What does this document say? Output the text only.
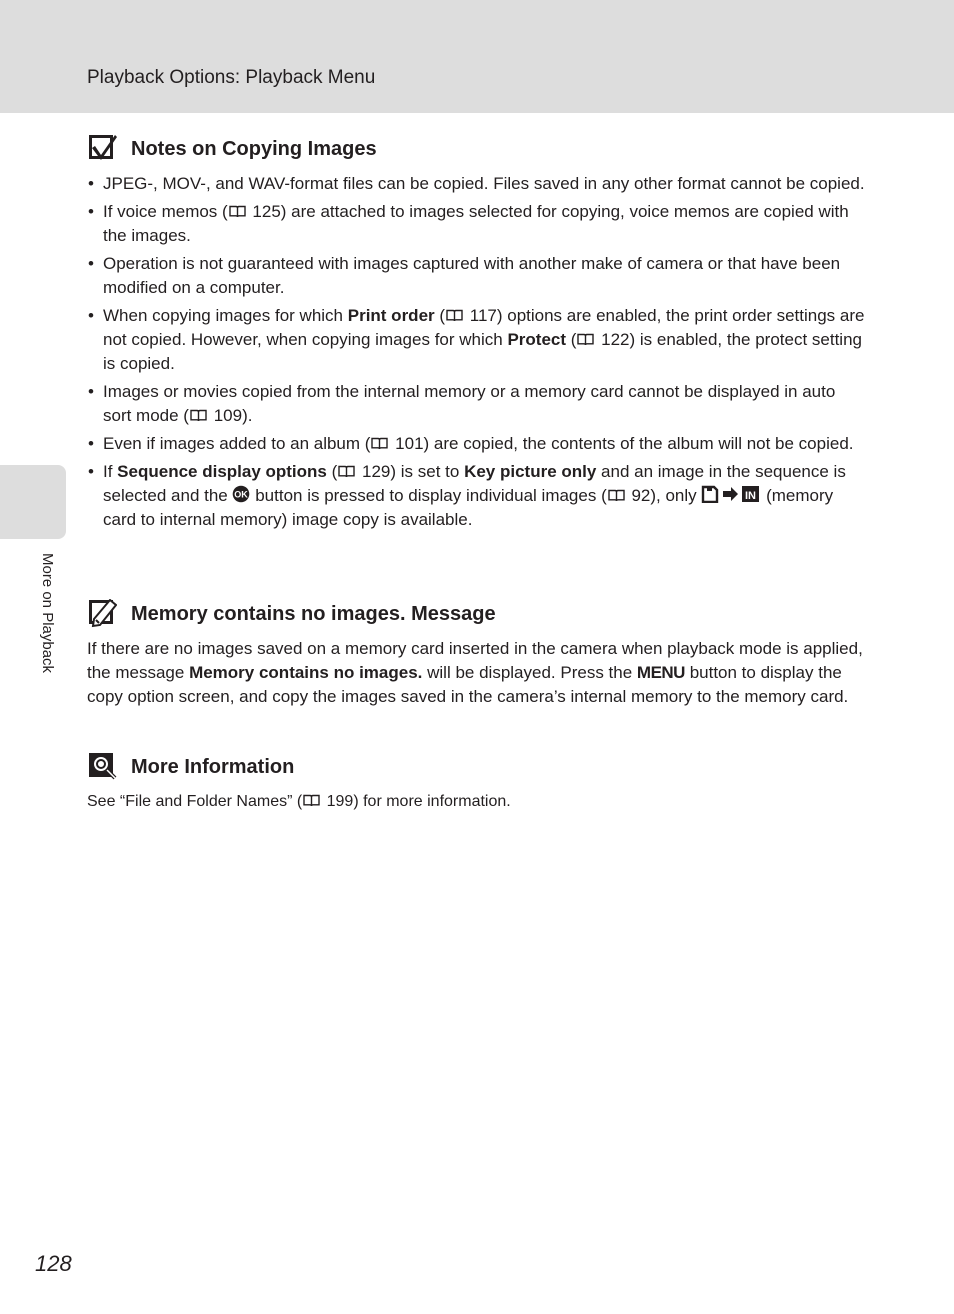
Playback Options: Playback Menu
More on Playback
Notes on Copying Images
• JPEG-, MOV-, and WAV-format files can be copied. Files saved in any other format cannot be copied.
• If voice memos ( 125) are attached to images selected for copying, voice memos are copied with the images.
• Operation is not guaranteed with images captured with another make of camera or that have been modified on a computer.
• When copying images for which Print order ( 117) options are enabled, the print order settings are not copied. However, when copying images for which Protect ( 122) is enabled, the protect setting is copied.
• Images or movies copied from the internal memory or a memory card cannot be displayed in auto sort mode ( 109).
• Even if images added to an album ( 101) are copied, the contents of the album will not be copied.
• If Sequence display options ( 129) is set to Key picture only and an image in the sequence is selected and the OK button is pressed to display individual images ( 92), only	IN (memory card to internal memory) image copy is available.
Memory contains no images. Message

If there are no images saved on a memory card inserted in the camera when playback mode is applied, the message Memory contains no images. will be displayed. Press the MENU button to display the copy option screen, and copy the images saved in the camera’s internal memory to the memory card.

More Information

See “File and Folder Names” ( 199) for more information.

128
